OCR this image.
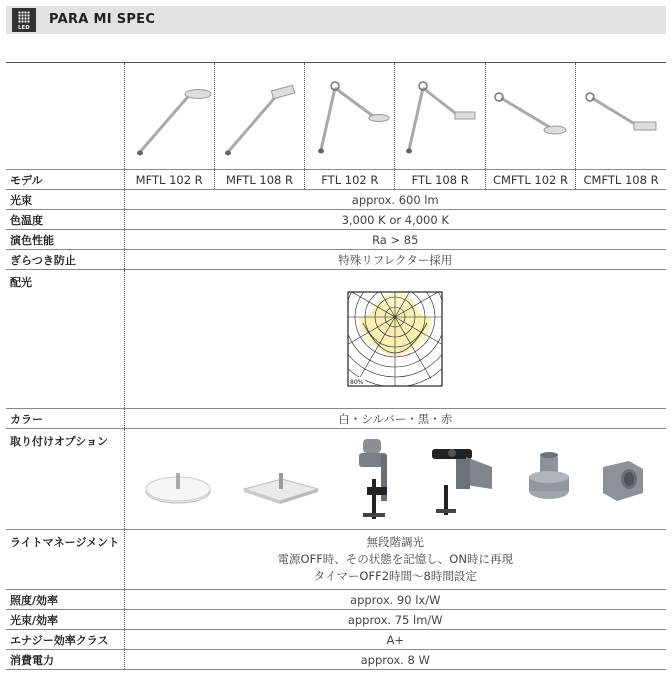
LED
PARA MI SPEC

モデル	MFTL 102 R	MFTL 108 R	FTL 102 R	FTL 108 R	CMFTL 102 R	CMFTL 108 R
光束	approx. 600 lm					
色温度	3,000 K or 4,000 K					
演色性能	Ra > 85					
ぎらつき防止	特殊リフレクター採用					
配光	80%					

カラー	白・シルバー・黒・赤					
取り付けオプション	

ライトマネージメント	無段階調光
電源OFF時、その状態を記憶し、ON時に再現
タイマーOFF2時間〜8時間設定					

照度/効率	approx. 90 lx/W					
光束/効率	approx. 75 lm/W					
エナジー効率クラス	A+					
消費電力	approx. 8 W					
